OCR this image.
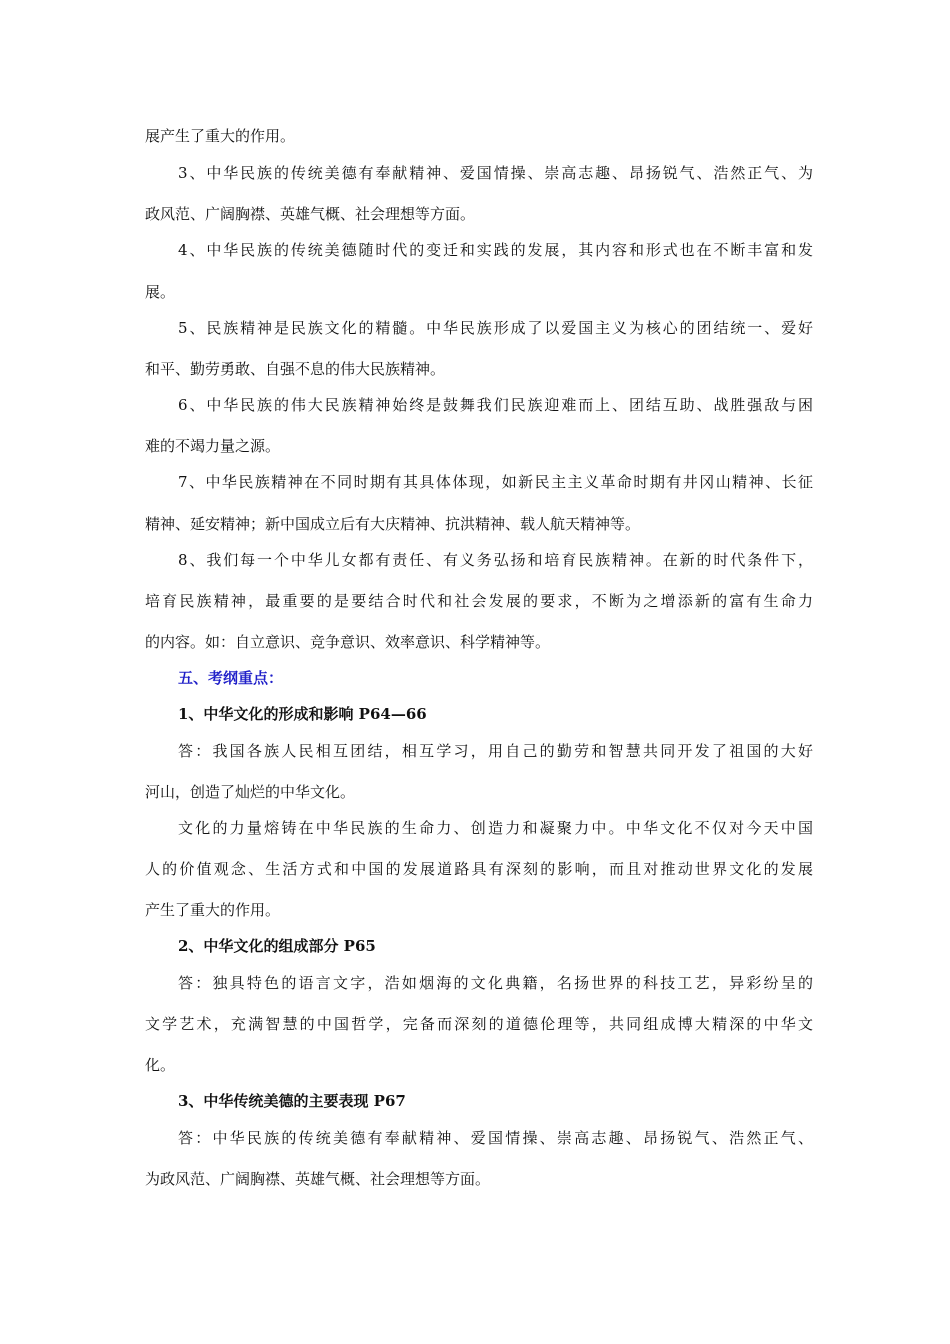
展产生了重大的作用。
3、中华民族的传统美德有奉献精神、爱国情操、崇高志趣、昂扬锐气、浩然正气、为
政风范、广阔胸襟、英雄气概、社会理想等方面。
4、中华民族的传统美德随时代的变迁和实践的发展，其内容和形式也在不断丰富和发
展。
5、民族精神是民族文化的精髓。中华民族形成了以爱国主义为核心的团结统一、爱好
和平、勤劳勇敢、自强不息的伟大民族精神。
6、中华民族的伟大民族精神始终是鼓舞我们民族迎难而上、团结互助、战胜强敌与困
难的不竭力量之源。
7、中华民族精神在不同时期有其具体体现，如新民主主义革命时期有井冈山精神、长征
精神、延安精神；新中国成立后有大庆精神、抗洪精神、载人航天精神等。
8、我们每一个中华儿女都有责任、有义务弘扬和培育民族精神。在新的时代条件下，
培育民族精神，最重要的是要结合时代和社会发展的要求，不断为之增添新的富有生命力
的内容。如：自立意识、竞争意识、效率意识、科学精神等。
五、考纲重点：
1、中华文化的形成和影响 P64—66
答：我国各族人民相互团结，相互学习，用自己的勤劳和智慧共同开发了祖国的大好
河山，创造了灿烂的中华文化。
文化的力量熔铸在中华民族的生命力、创造力和凝聚力中。中华文化不仅对今天中国
人的价值观念、生活方式和中国的发展道路具有深刻的影响，而且对推动世界文化的发展
产生了重大的作用。
2、中华文化的组成部分 P65
答：独具特色的语言文字，浩如烟海的文化典籍，名扬世界的科技工艺，异彩纷呈的
文学艺术，充满智慧的中国哲学，完备而深刻的道德伦理等，共同组成博大精深的中华文
化。
3、中华传统美德的主要表现 P67
答：中华民族的传统美德有奉献精神、爱国情操、崇高志趣、昂扬锐气、浩然正气、
为政风范、广阔胸襟、英雄气概、社会理想等方面。
